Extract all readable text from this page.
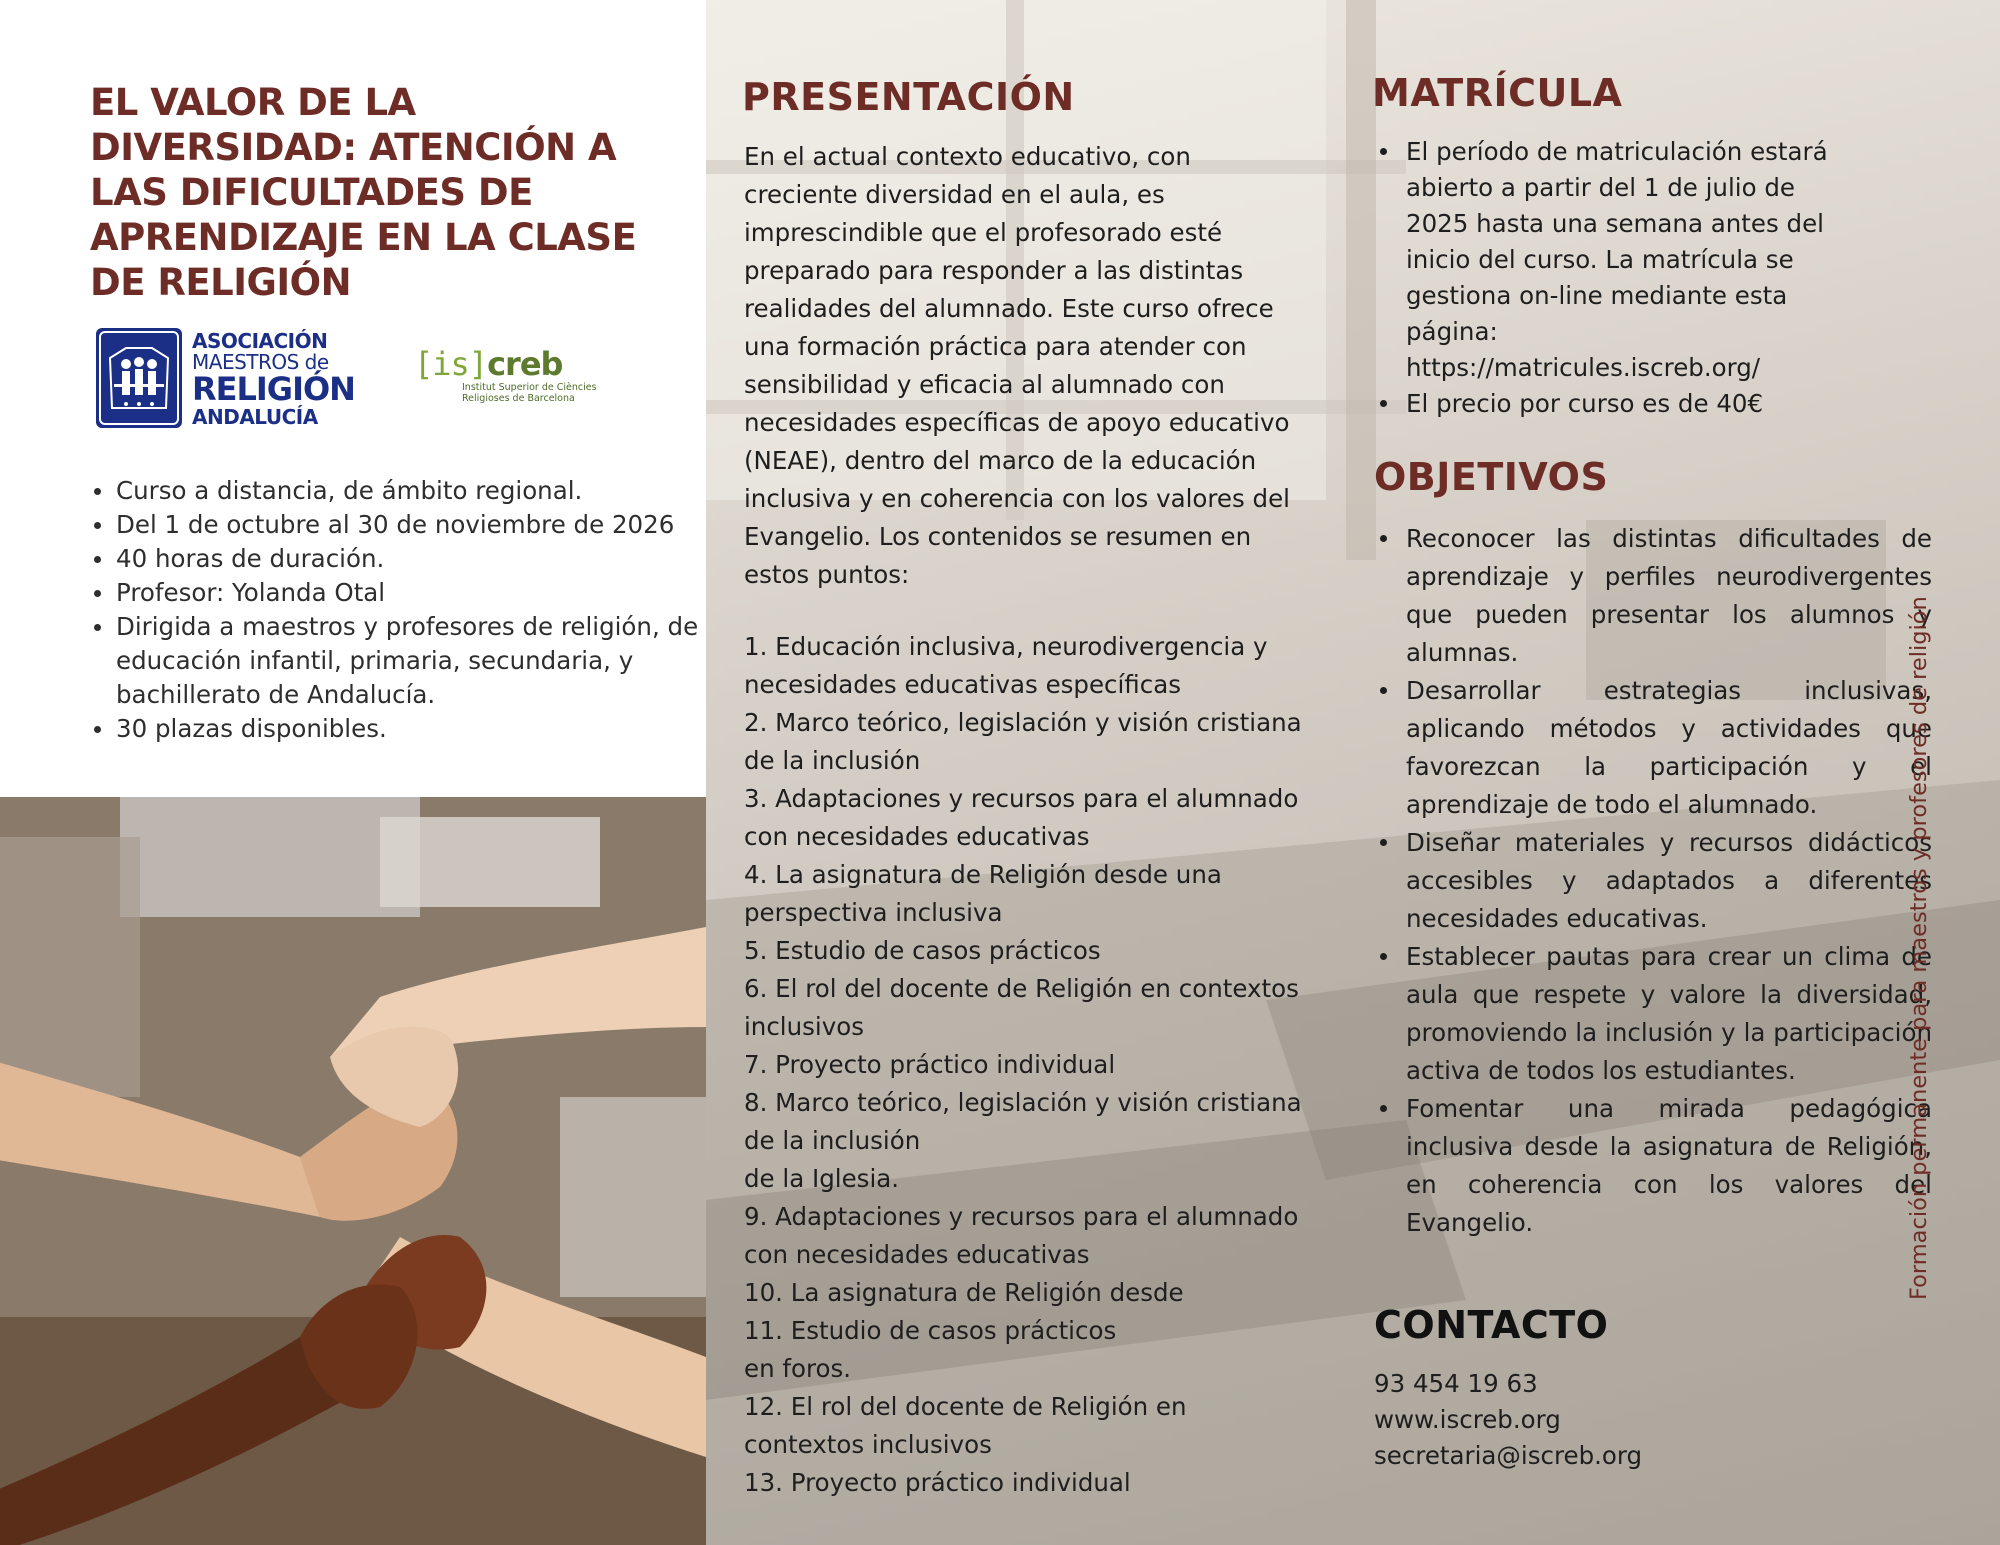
EL VALOR DE LA DIVERSIDAD: ATENCIÓN A LAS DIFICULTADES DE APRENDIZAJE EN LA CLASE DE RELIGIÓN
ASOCIACIÓN
MAESTROS de
RELIGIÓN
ANDALUCÍA
[is]creb
Institut Superior de Ciències Religioses de Barcelona
Curso a distancia, de ámbito regional.
Del 1 de octubre al 30 de noviembre de 2026
40 horas de duración.
Profesor: Yolanda Otal
Dirigida a maestros y profesores de religión, de educación infantil, primaria, secundaria, y bachillerato de Andalucía.
30 plazas disponibles.
PRESENTACIÓN

En el actual contexto educativo, con creciente diversidad en el aula, es imprescindible que el profesorado esté preparado para responder a las distintas realidades del alumnado. Este curso ofrece una formación práctica para atender con sensibilidad y eficacia al alumnado con necesidades específicas de apoyo educativo (NEAE), dentro del marco de la educación inclusiva y en coherencia con los valores del Evangelio. Los contenidos se resumen en estos puntos:

1. Educación inclusiva, neurodivergencia y necesidades educativas específicas
2. Marco teórico, legislación y visión cristiana de la inclusión
3. Adaptaciones y recursos para el alumnado con necesidades educativas
4. La asignatura de Religión desde una perspectiva inclusiva
5. Estudio de casos prácticos
6. El rol del docente de Religión en contextos inclusivos
7. Proyecto práctico individual
8. Marco teórico, legislación y visión cristiana de la inclusión
de la Iglesia.
9. Adaptaciones y recursos para el alumnado con necesidades educativas
10. La asignatura de Religión desde
11. Estudio de casos prácticos
en foros.
12. El rol del docente de Religión en contextos inclusivos
13. Proyecto práctico individual
MATRÍCULA
El período de matriculación estará abierto a partir del 1 de julio de 2025 hasta una semana antes del inicio del curso. La matrícula se gestiona on-line mediante esta página: https://matricules.iscreb.org/
El precio por curso es de 40€
OBJETIVOS
Reconocer las distintas dificultades de aprendizaje y perfiles neurodivergentes que pueden presentar los alumnos y alumnas.
Desarrollar estrategias inclusivas, aplicando métodos y actividades que favorezcan la participación y el aprendizaje de todo el alumnado.
Diseñar materiales y recursos didácticos accesibles y adaptados a diferentes necesidades educativas.
Establecer pautas para crear un clima de aula que respete y valore la diversidad, promoviendo la inclusión y la participación activa de todos los estudiantes.
Fomentar una mirada pedagógica inclusiva desde la asignatura de Religión, en coherencia con los valores del Evangelio.
CONTACTO
93 454 19 63
www.iscreb.org
secretaria@iscreb.org
Formación permanente para maestros y profesores de religión
